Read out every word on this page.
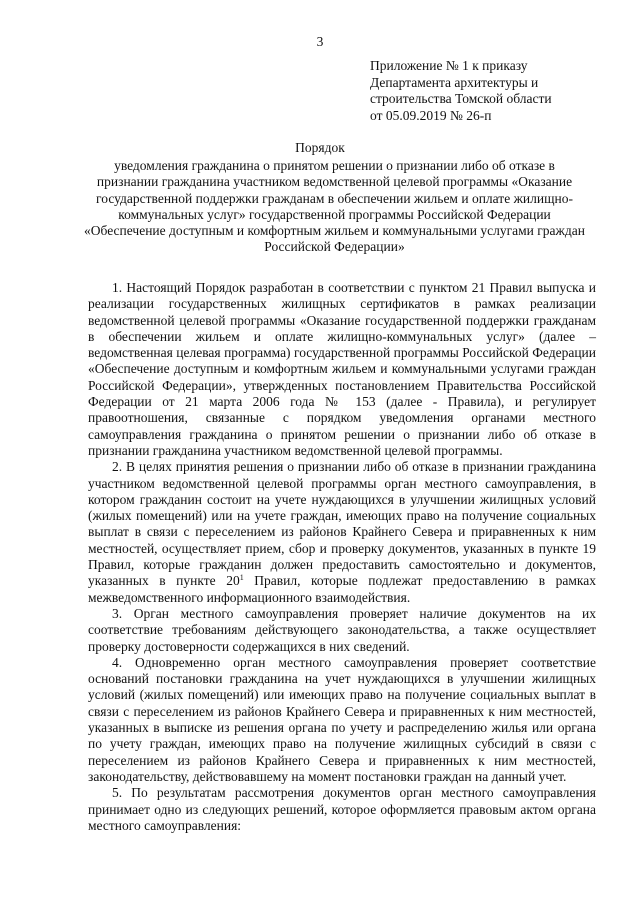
3
Приложение № 1 к приказу
Департамента архитектуры и
строительства Томской области
от 05.09.2019 № 26-п
Порядок
уведомления гражданина о принятом решении о признании либо об отказе в
признании гражданина участником ведомственной целевой программы «Оказание
государственной поддержки гражданам в обеспечении жильем и оплате жилищно-
коммунальных услуг» государственной программы Российской Федерации
«Обеспечение доступным и комфортным жильем и коммунальными услугами граждан
Российской Федерации»

1. Настоящий Порядок разработан в соответствии с пунктом 21 Правил выпуска и реализации государственных жилищных сертификатов в рамках реализации ведомственной целевой программы «Оказание государственной поддержки гражданам в обеспечении жильем и оплате жилищно-коммунальных услуг» (далее – ведомственная целевая программа) государственной программы Российской Федерации «Обеспечение доступным и комфортным жильем и коммунальными услугами граждан Российской Федерации», утвержденных постановлением Правительства Российской Федерации от 21 марта 2006 года № 153 (далее - Правила), и регулирует правоотношения, связанные с порядком уведомления органами местного самоуправления гражданина о принятом решении о признании либо об отказе в признании гражданина участником ведомственной целевой программы.

2. В целях принятия решения о признании либо об отказе в признании гражданина участником ведомственной целевой программы орган местного самоуправления, в котором гражданин состоит на учете нуждающихся в улучшении жилищных условий (жилых помещений) или на учете граждан, имеющих право на получение социальных выплат в связи с переселением из районов Крайнего Севера и приравненных к ним местностей, осуществляет прием, сбор и проверку документов, указанных в пункте 19 Правил, которые гражданин должен предоставить самостоятельно и документов, указанных в пункте $20^1$ Правил, которые подлежат предоставлению в рамках межведомственного информационного взаимодействия.

3. Орган местного самоуправления проверяет наличие документов на их соответствие требованиям действующего законодательства, а также осуществляет проверку достоверности содержащихся в них сведений.

4. Одновременно орган местного самоуправления проверяет соответствие оснований постановки гражданина на учет нуждающихся в улучшении жилищных условий (жилых помещений) или имеющих право на получение социальных выплат в связи с переселением из районов Крайнего Севера и приравненных к ним местностей, указанных в выписке из решения органа по учету и распределению жилья или органа по учету граждан, имеющих право на получение жилищных субсидий в связи с переселением из районов Крайнего Севера и приравненных к ним местностей, законодательству, действовавшему на момент постановки граждан на данный учет.

5. По результатам рассмотрения документов орган местного самоуправления принимает одно из следующих решений, которое оформляется правовым актом органа местного самоуправления:
